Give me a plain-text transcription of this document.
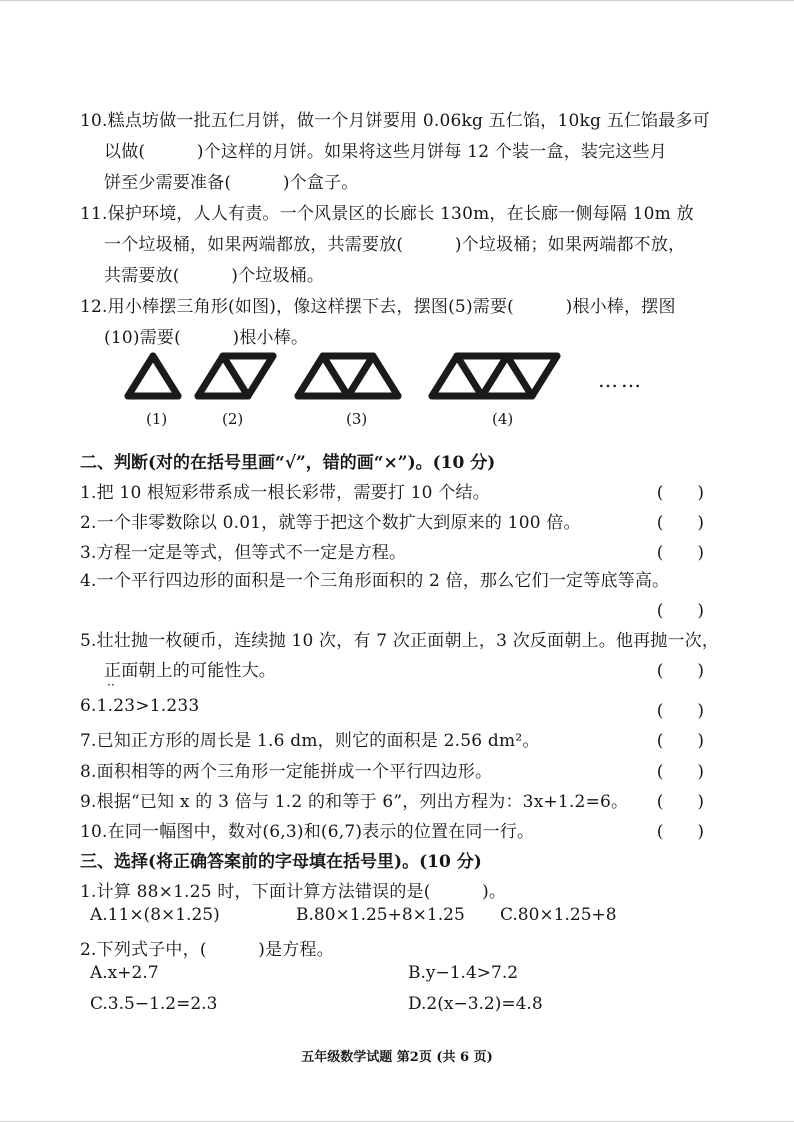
10.糕点坊做一批五仁月饼，做一个月饼要用 0.06kg 五仁馅，10kg 五仁馅最多可
以做(　　　)个这样的月饼。如果将这些月饼每 12 个装一盒，装完这些月
饼至少需要准备(　　　)个盒子。
11.保护环境，人人有责。一个风景区的长廊长 130m，在长廊一侧每隔 10m 放
一个垃圾桶，如果两端都放，共需要放(　　　)个垃圾桶；如果两端都不放，
共需要放(　　　)个垃圾桶。
12.用小棒摆三角形(如图)，像这样摆下去，摆图(5)需要(　　　)根小棒，摆图
(10)需要(　　　)根小棒。
(1)	(2)	(3)	(4)
……
二、判断(对的在括号里画“√”，错的画“×”)。(10 分)
1.把 10 根短彩带系成一根长彩带，需要打 10 个结。	(　　)
2.一个非零数除以 0.01，就等于把这个数扩大到原来的 100 倍。	(　　)
3.方程一定是等式，但等式不一定是方程。	(　　)
4.一个平行四边形的面积是一个三角形面积的 2 倍，那么它们一定等底等高。
(　　)
5.壮壮抛一枚硬币，连续抛 10 次，有 7 次正面朝上，3 次反面朝上。他再抛一次，
正面朝上的可能性大。	(　　)
··
6.1.23>1.233	(　　)
7.已知正方形的周长是 1.6 dm，则它的面积是 2.56 dm²。	(　　)
8.面积相等的两个三角形一定能拼成一个平行四边形。	(　　)
9.根据“已知 x 的 3 倍与 1.2 的和等于 6”，列出方程为：3x+1.2=6。 (　　)
10.在同一幅图中，数对(6,3)和(6,7)表示的位置在同一行。	(　　)
三、选择(将正确答案前的字母填在括号里)。(10 分)
1.计算 88×1.25 时，下面计算方法错误的是(　　　)。
A.11×(8×1.25)	B.80×1.25+8×1.25 C.80×1.25+8
2.下列式子中，(　　　)是方程。
A.x+2.7	B.y−1.4>7.2
C.3.5−1.2=2.3	D.2(x−3.2)=4.8
五年级数学试题 第2页 (共 6 页)
